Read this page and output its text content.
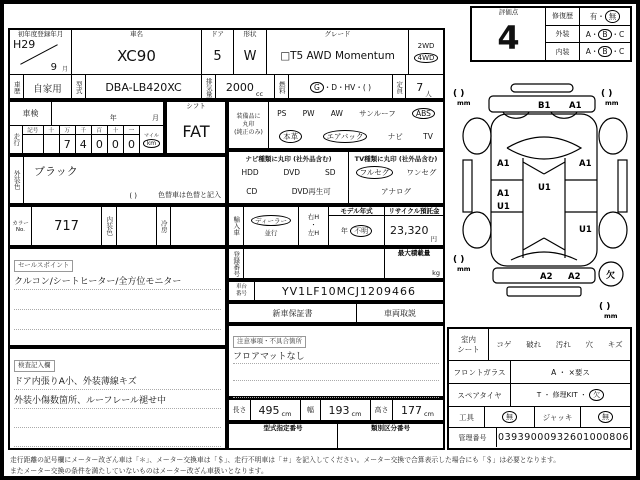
評価点
4
修復歴	有 ・ 無
外装	A ・ B ・ C
内装	A ・ B ・ C
初年度登録年月
H29
9 月
車名
XC90
ドア
5
形状
W
グレード
□T5 AWD Momentum
2WD
4WD
車歴	自家用	型式	DBA-LB420XC	排気量 2000 cc 燃料	G ・ D ・ HV ・ ( )	定員 7 人
車検	年	月
走行
記号	十	万	千	百	十	一
7 4 0 0 0
マイル
km
シフト
FAT
装備品に
丸印
(純正のみ)
PS PW AW サンルーフ	ABS
本革	エアバック	ナビ	TV
ナビ種類に丸印 (社外品含む)
HDD	DVD	SD
CD	DVD再生可
TV種類に丸印 (社外品含む)
フルセグ	ワンセグ
アナログ
外装色 ブラック
( )	色替車は色替と記入
カラー
No.	717	内装色	冷房	輸入車	ディーラー
並行
右H
・
左H
モデル年式
年
不明
リサイクル預託金
23,320
円
セールスポイント
クルコン/シートヒーター/全方位モニター
登録番号	最大積載量
kg
車台
番号	YV1LF10MCJ1209466
新車保証書	車両取説
注意事項・不具合箇所
フロアマットなし
検査記入欄
ドア内張りA小、外装薄線キズ
外装小傷数箇所、ルーフレール褪せ中
長さ	495 cm	幅	193 cm	高さ	177 cm
型式指定番号	類別区分番号
( )
mm
( )
mm
( )
mm
( )
mm
B1 A1
A1	A1
A1
U1
U1
U1
A2 A2	欠
室内
シート コゲ 破れ 汚れ 穴 キズ
フロントガラス	A
・
×要ス
スペアタイヤ	T
・
修理KIT
・
欠
工具	無	ジャッキ	無
管理番号	03939000932601000806
走行距離の記号欄にメーター改ざん車は「＊」、メーター交換車は「＄」、走行不明車は「＃」を記入してください。メーター交換で合算表示した場合にも「＄」は必要となります。
またメーター交換の条件を満たしていないものはメーター改ざん車扱いとなります。
